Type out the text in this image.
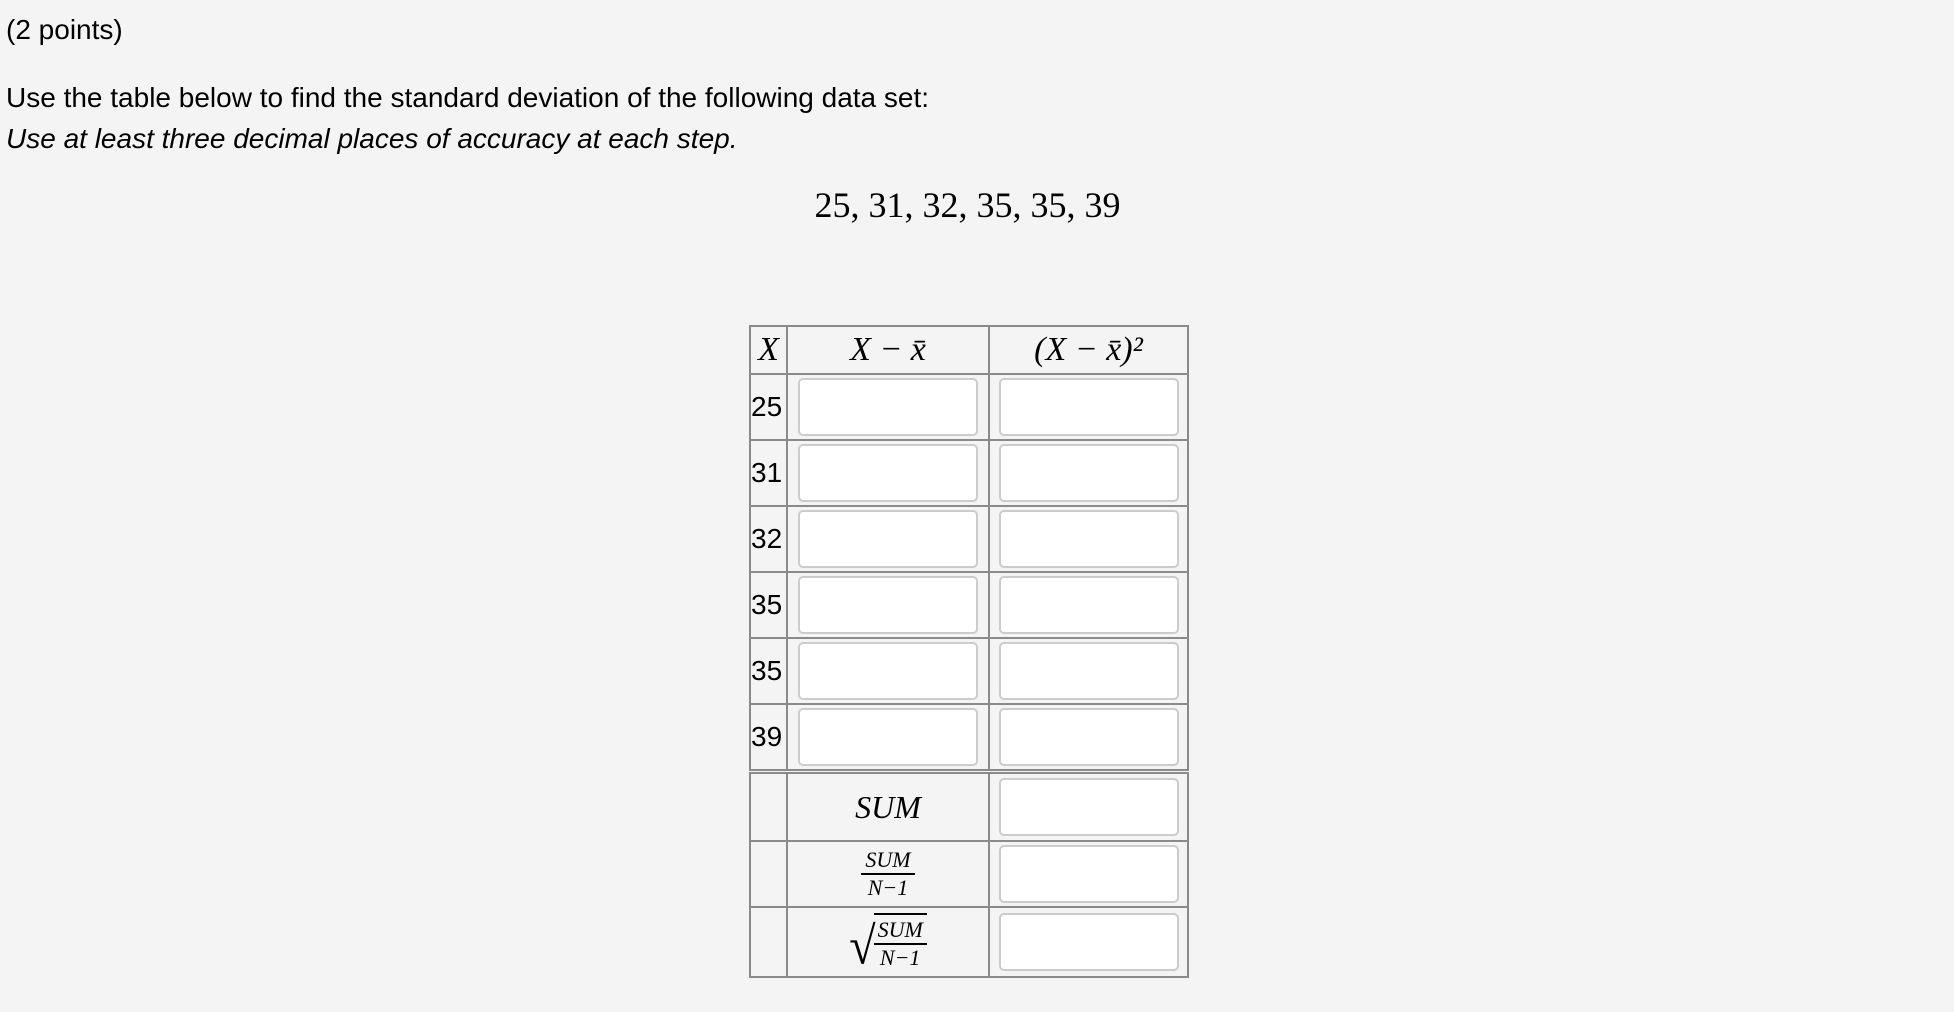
(2 points)
Use the table below to find the standard deviation of the following data set:
Use at least three decimal places of accuracy at each step.
25, 31, 32, 35, 35, 39
X	X − x̄	(X − x̄)²
25	

31	

32	

35	

35	

39	

	SUM	

	$\frac{\text{SUM}}{N-1}$

	√
$\frac{\text{SUM}}{N-1}$
